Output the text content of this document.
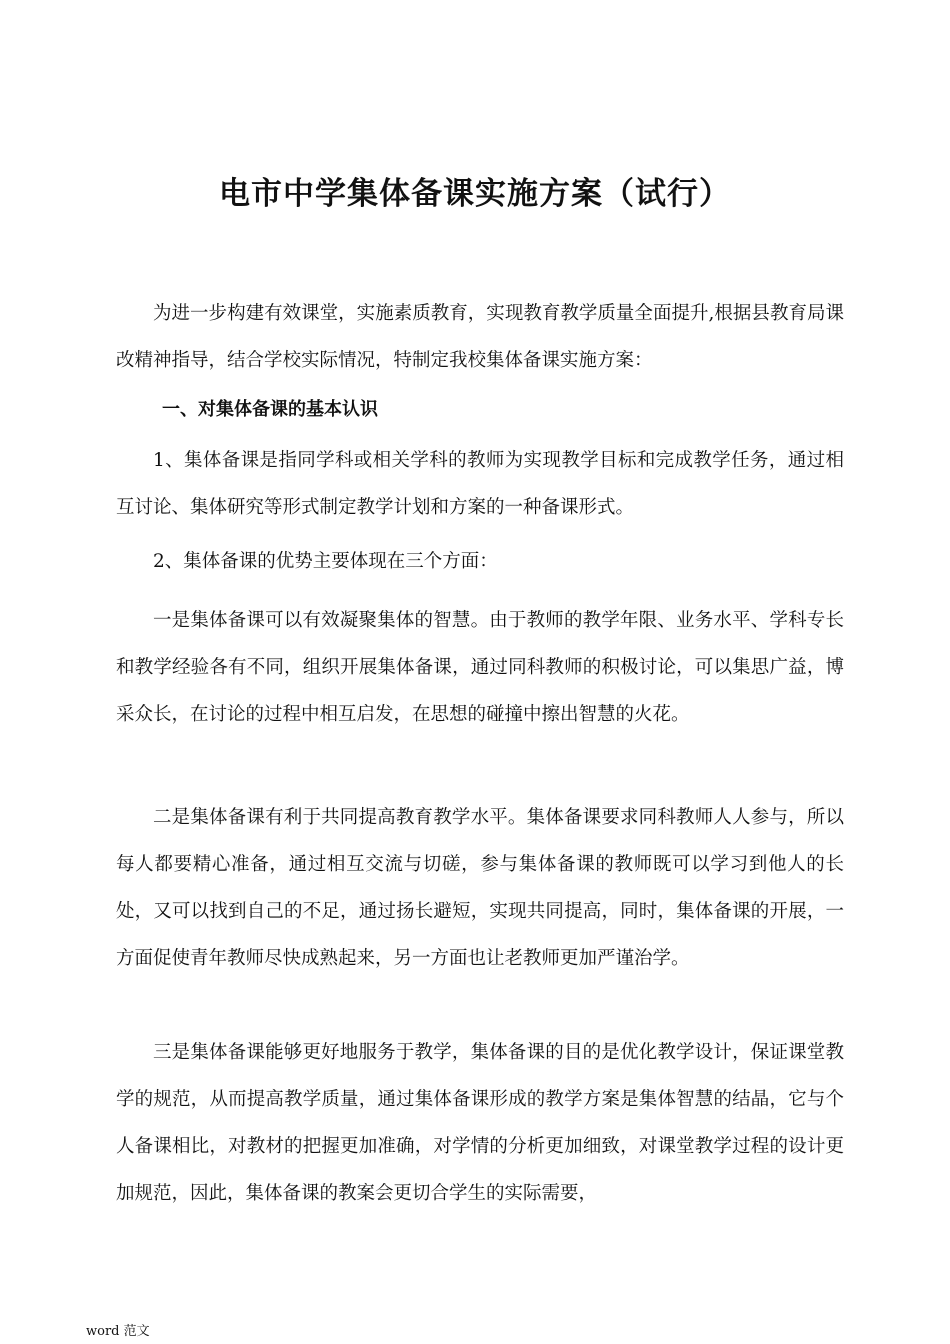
电市中学集体备课实施方案（试行）

为进一步构建有效课堂，实施素质教育，实现教育教学质量全面提升,根据县教育局课改精神指导，结合学校实际情况，特制定我校集体备课实施方案：

一、对集体备课的基本认识

1、集体备课是指同学科或相关学科的教师为实现教学目标和完成教学任务，通过相互讨论、集体研究等形式制定教学计划和方案的一种备课形式。

2、集体备课的优势主要体现在三个方面：

一是集体备课可以有效凝聚集体的智慧。由于教师的教学年限、业务水平、学科专长和教学经验各有不同，组织开展集体备课，通过同科教师的积极讨论，可以集思广益，博采众长，在讨论的过程中相互启发，在思想的碰撞中擦出智慧的火花。

二是集体备课有利于共同提高教育教学水平。集体备课要求同科教师人人参与，所以每人都要精心准备，通过相互交流与切磋，参与集体备课的教师既可以学习到他人的长处，又可以找到自己的不足，通过扬长避短，实现共同提高，同时，集体备课的开展，一方面促使青年教师尽快成熟起来，另一方面也让老教师更加严谨治学。

三是集体备课能够更好地服务于教学，集体备课的目的是优化教学设计，保证课堂教学的规范，从而提高教学质量，通过集体备课形成的教学方案是集体智慧的结晶，它与个人备课相比，对教材的把握更加准确，对学情的分析更加细致，对课堂教学过程的设计更加规范，因此，集体备课的教案会更切合学生的实际需要，

word 范文
